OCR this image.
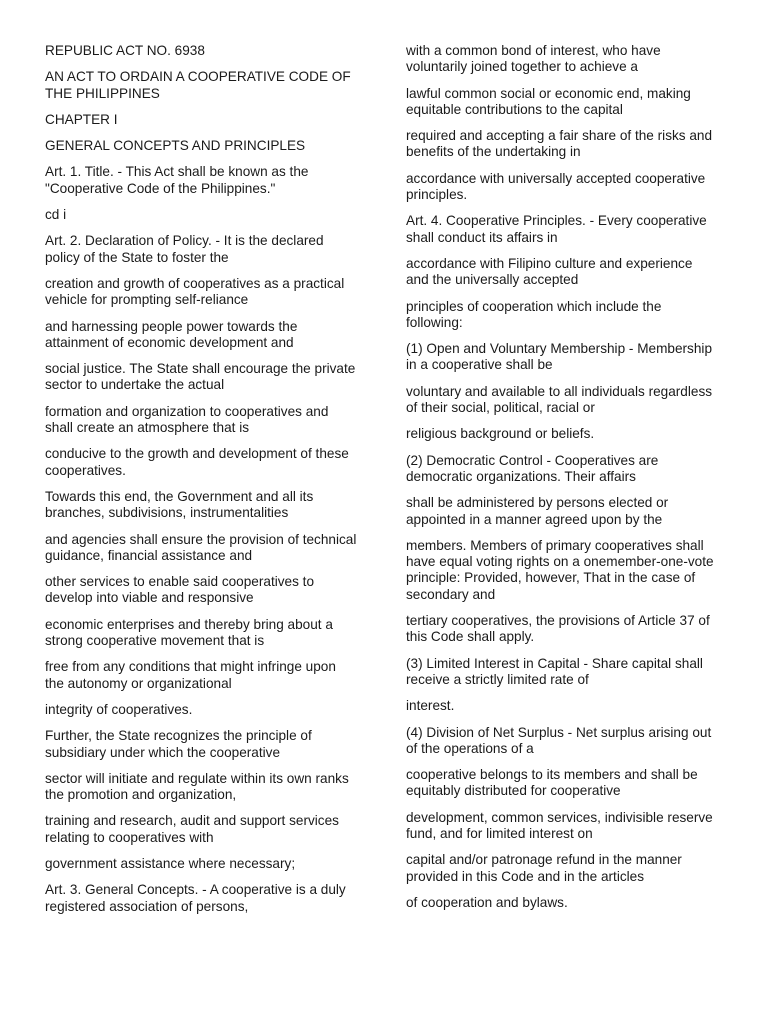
REPUBLIC ACT NO. 6938

AN ACT TO ORDAIN A COOPERATIVE CODE OF
THE PHILIPPINES

CHAPTER I

GENERAL CONCEPTS AND PRINCIPLES

Art. 1. Title. - This Act shall be known as the
"Cooperative Code of the Philippines."

cd i

Art. 2. Declaration of Policy. - It is the declared
policy of the State to foster the

creation and growth of cooperatives as a practical
vehicle for prompting self-reliance

and harnessing people power towards the
attainment of economic development and

social justice. The State shall encourage the private
sector to undertake the actual

formation and organization to cooperatives and
shall create an atmosphere that is

conducive to the growth and development of these
cooperatives.

Towards this end, the Government and all its
branches, subdivisions, instrumentalities

and agencies shall ensure the provision of technical
guidance, financial assistance and

other services to enable said cooperatives to
develop into viable and responsive

economic enterprises and thereby bring about a
strong cooperative movement that is

free from any conditions that might infringe upon
the autonomy or organizational

integrity of cooperatives.

Further, the State recognizes the principle of
subsidiary under which the cooperative

sector will initiate and regulate within its own ranks
the promotion and organization,

training and research, audit and support services
relating to cooperatives with

government assistance where necessary;

Art. 3. General Concepts. - A cooperative is a duly
registered association of persons,

with a common bond of interest, who have
voluntarily joined together to achieve a

lawful common social or economic end, making
equitable contributions to the capital

required and accepting a fair share of the risks and
benefits of the undertaking in

accordance with universally accepted cooperative
principles.

Art. 4. Cooperative Principles. - Every cooperative
shall conduct its affairs in

accordance with Filipino culture and experience
and the universally accepted

principles of cooperation which include the
following:

(1) Open and Voluntary Membership - Membership
in a cooperative shall be

voluntary and available to all individuals regardless
of their social, political, racial or

religious background or beliefs.

(2) Democratic Control - Cooperatives are
democratic organizations. Their affairs

shall be administered by persons elected or
appointed in a manner agreed upon by the

members. Members of primary cooperatives shall
have equal voting rights on a onemember-one-vote
principle: Provided, however, That in the case of
secondary and

tertiary cooperatives, the provisions of Article 37 of
this Code shall apply.

(3) Limited Interest in Capital - Share capital shall
receive a strictly limited rate of

interest.

(4) Division of Net Surplus - Net surplus arising out
of the operations of a

cooperative belongs to its members and shall be
equitably distributed for cooperative

development, common services, indivisible reserve
fund, and for limited interest on

capital and/or patronage refund in the manner
provided in this Code and in the articles

of cooperation and bylaws.
